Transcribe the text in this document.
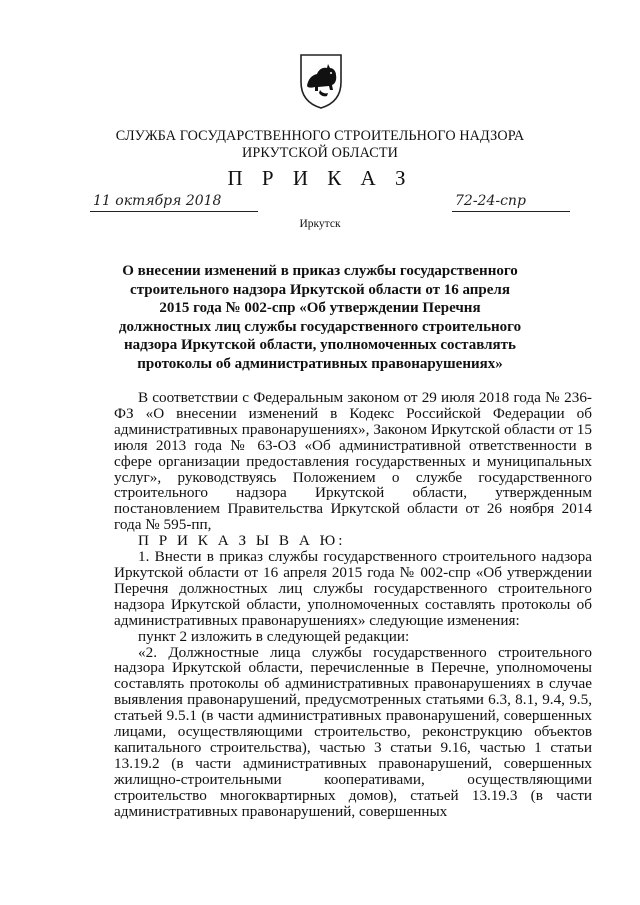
СЛУЖБА ГОСУДАРСТВЕННОГО СТРОИТЕЛЬНОГО НАДЗОРА
ИРКУТСКОЙ ОБЛАСТИ
П Р И К А З
11 октября 2018	72-24-спр
Иркутск
О внесении изменений в приказ службы государственного строительного надзора Иркутской области от 16 апреля 2015 года № 002-спр «Об утверждении Перечня должностных лиц службы государственного строительного надзора Иркутской области, уполномоченных составлять протоколы об административных правонарушениях»

В соответствии с Федеральным законом от 29 июля 2018 года № 236-ФЗ «О внесении изменений в Кодекс Российской Федерации об административных правонарушениях», Законом Иркутской области от 15 июля 2013 года № 63-ОЗ «Об административной ответственности в сфере организации предоставления государственных и муниципальных услуг», руководствуясь Положением о службе государственного строительного надзора Иркутской области, утвержденным постановлением Правительства Иркутской области от 26 ноября 2014 года № 595-пп,

П Р И К А З Ы В А Ю:

1. Внести в приказ службы государственного строительного надзора Иркутской области от 16 апреля 2015 года № 002-спр «Об утверждении Перечня должностных лиц службы государственного строительного надзора Иркутской области, уполномоченных составлять протоколы об административных правонарушениях» следующие изменения:

пункт 2 изложить в следующей редакции:

«2. Должностные лица службы государственного строительного надзора Иркутской области, перечисленные в Перечне, уполномочены составлять протоколы об административных правонарушениях в случае выявления правонарушений, предусмотренных статьями 6.3, 8.1, 9.4, 9.5, статьей 9.5.1 (в части административных правонарушений, совершенных лицами, осуществляющими строительство, реконструкцию объектов капитального строительства), частью 3 статьи 9.16, частью 1 статьи 13.19.2 (в части административных правонарушений, совершенных жилищно-строительными кооперативами, осуществляющими строительство многоквартирных домов), статьей 13.19.3 (в части административных правонарушений, совершенных
